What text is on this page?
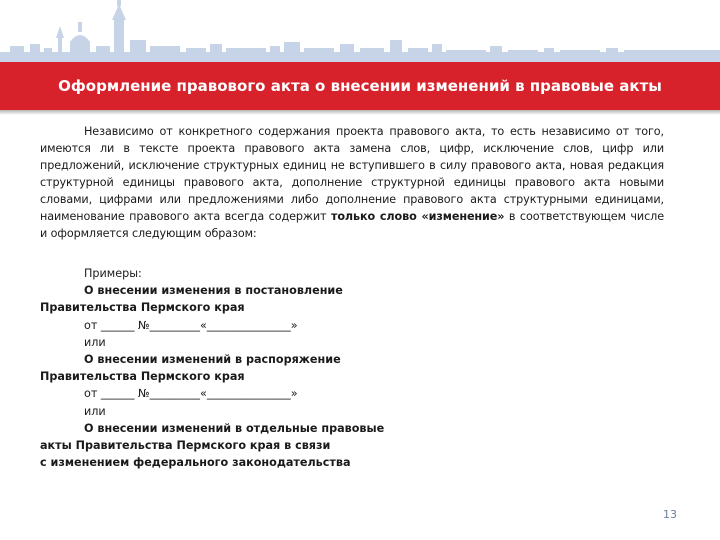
Оформление правового акта о внесении изменений в правовые акты
Независимо от конкретного содержания проекта правового акта, то есть независимо от того, имеются ли в тексте проекта правового акта замена слов, цифр, исключение слов, цифр или предложений, исключение структурных единиц не вступившего в силу правового акта, новая редакция структурной единицы правового акта, дополнение структурной единицы правового акта новыми словами, цифрами или предложениями либо дополнение правового акта структурными единицами, наименование правового акта всегда содержит только слово «изменение» в соответствующем числе и оформляется следующим образом:
Примеры:
О внесении изменения в постановление
Правительства Пермского края
от ______ №_________«_______________»
или
О внесении изменений в распоряжение
Правительства Пермского края
от ______ №_________«_______________»
или
О внесении изменений в отдельные правовые
акты Правительства Пермского края в связи
с изменением федерального законодательства
13
